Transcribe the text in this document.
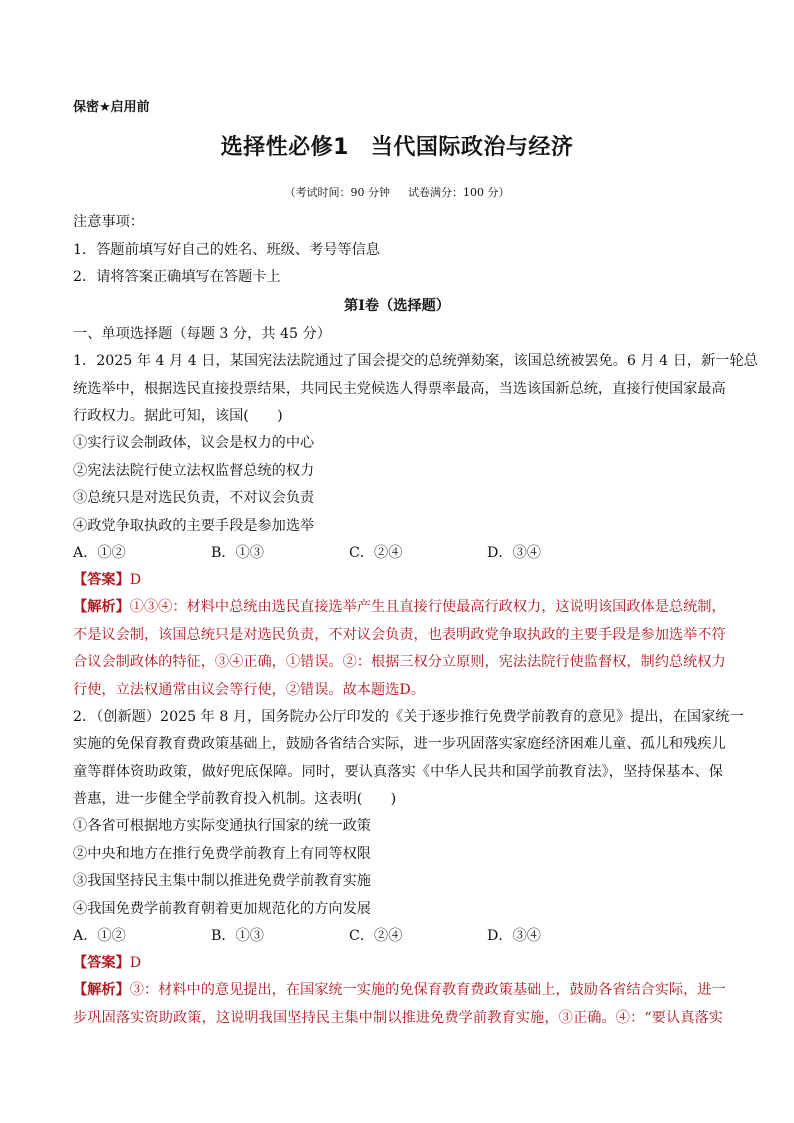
保密★启用前
选择性必修1 当代国际政治与经济
（考试时间：90 分钟 试卷满分：100 分）
注意事项：
1．答题前填写好自己的姓名、班级、考号等信息
2．请将答案正确填写在答题卡上
第Ⅰ卷（选择题）
一、单项选择题（每题 3 分，共 45 分）
1．2025 年 4 月 4 日，某国宪法法院通过了国会提交的总统弹劾案，该国总统被罢免。6 月 4 日，新一轮总
统选举中，根据选民直接投票结果，共同民主党候选人得票率最高，当选该国新总统，直接行使国家最高
行政权力。据此可知，该国(　　)
①实行议会制政体，议会是权力的中心
②宪法法院行使立法权监督总统的权力
③总统只是对选民负责，不对议会负责
④政党争取执政的主要手段是参加选举
A．①②	B．①③	C．②④	D．③④
【答案】D
【解析】①③④：材料中总统由选民直接选举产生且直接行使最高行政权力，这说明该国政体是总统制，
不是议会制，该国总统只是对选民负责，不对议会负责，也表明政党争取执政的主要手段是参加选举不符
合议会制政体的特征，③④正确，①错误。②：根据三权分立原则，宪法法院行使监督权，制约总统权力
行使，立法权通常由议会等行使，②错误。故本题选D。
2．（创新题）2025 年 8 月，国务院办公厅印发的《关于逐步推行免费学前教育的意见》提出，在国家统一
实施的免保育教育费政策基础上，鼓励各省结合实际，进一步巩固落实家庭经济困难儿童、孤儿和残疾儿
童等群体资助政策，做好兜底保障。同时，要认真落实《中华人民共和国学前教育法》，坚持保基本、保
普惠，进一步健全学前教育投入机制。这表明(　　)
①各省可根据地方实际变通执行国家的统一政策
②中央和地方在推行免费学前教育上有同等权限
③我国坚持民主集中制以推进免费学前教育实施
④我国免费学前教育朝着更加规范化的方向发展
A．①②	B．①③	C．②④	D．③④
【答案】D
【解析】③：材料中的意见提出，在国家统一实施的免保育教育费政策基础上，鼓励各省结合实际，进一
步巩固落实资助政策，这说明我国坚持民主集中制以推进免费学前教育实施，③正确。④：“要认真落实
